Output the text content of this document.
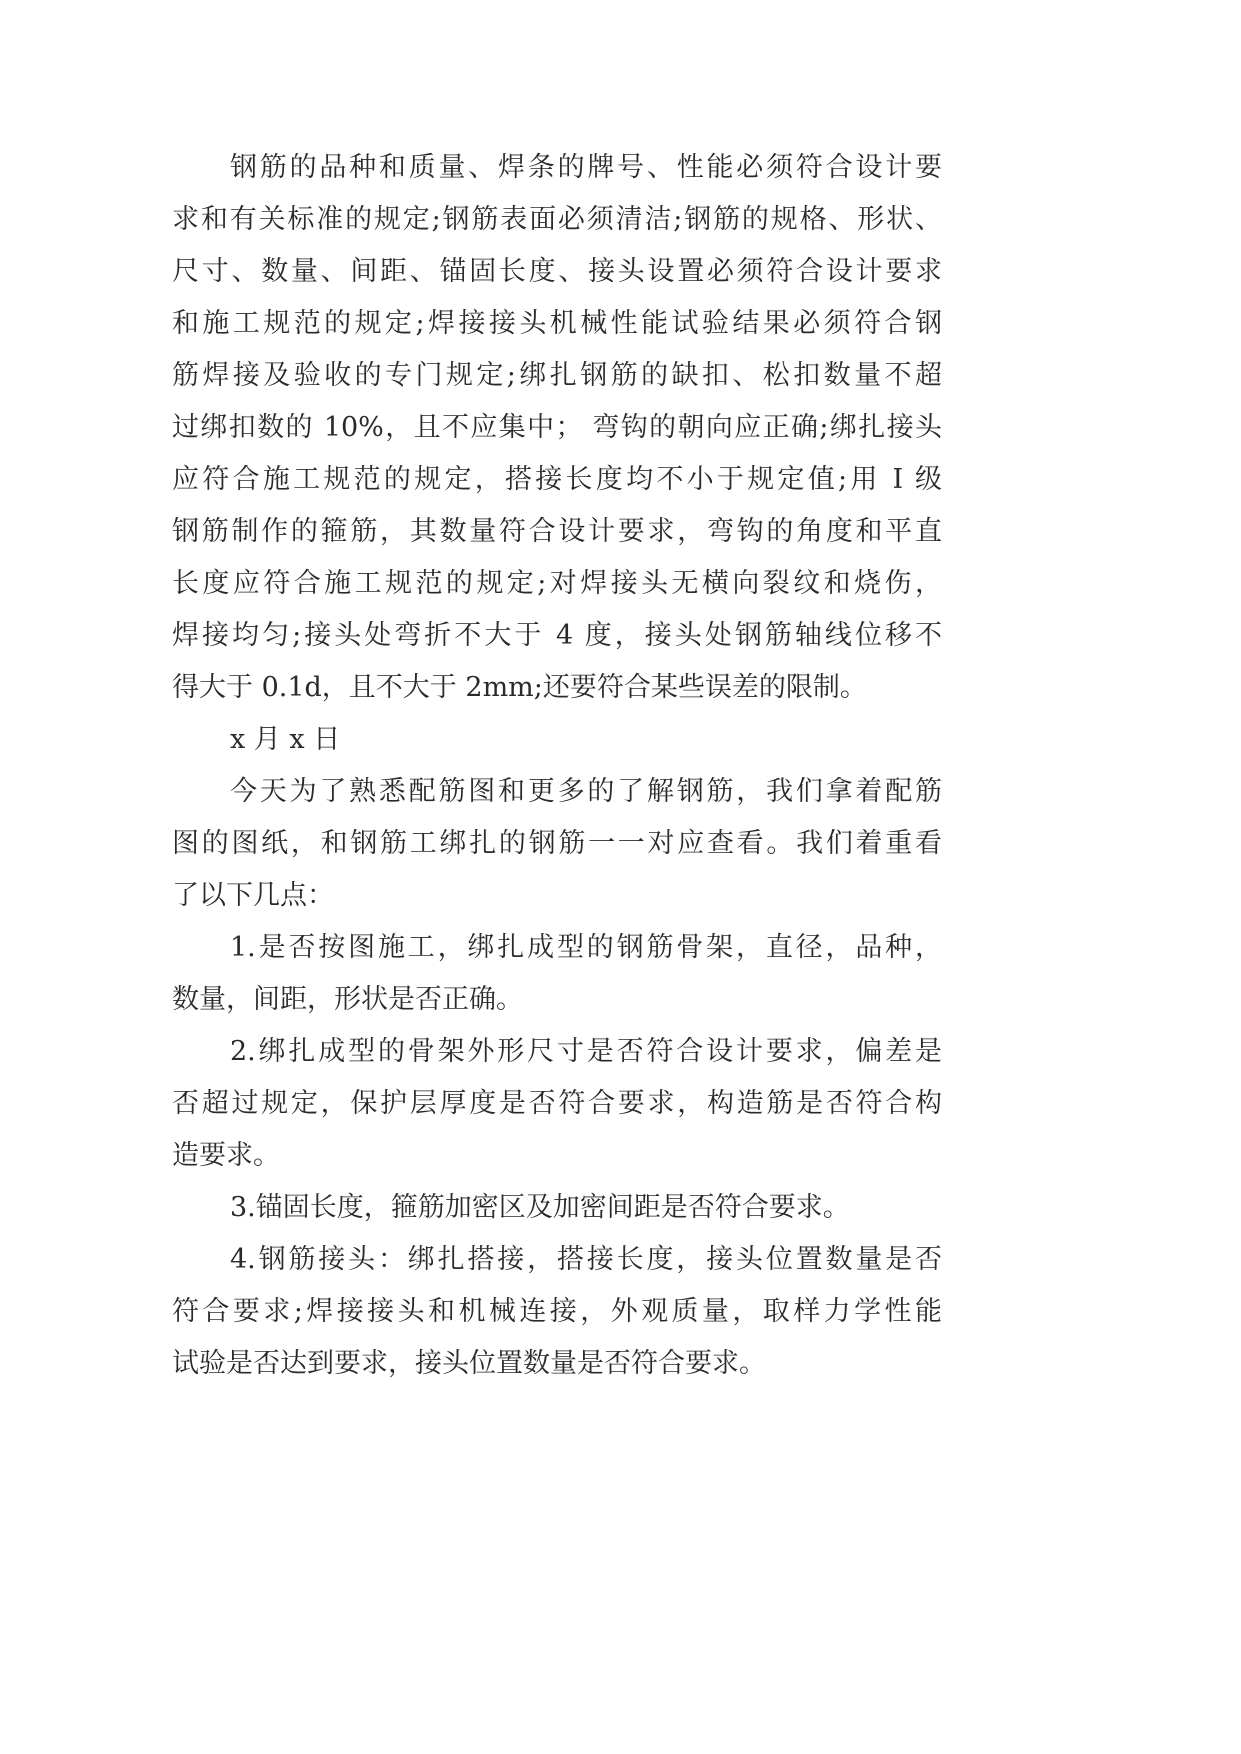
钢筋的品种和质量、焊条的牌号、性能必须符合设计要
求和有关标准的规定;钢筋表面必须清洁;钢筋的规格、形状、
尺寸、数量、间距、锚固长度、接头设置必须符合设计要求
和施工规范的规定;焊接接头机械性能试验结果必须符合钢
筋焊接及验收的专门规定;绑扎钢筋的缺扣、松扣数量不超
过绑扣数的 10%，且不应集中； 弯钩的朝向应正确;绑扎接头
应符合施工规范的规定，搭接长度均不小于规定值;用 I 级
钢筋制作的箍筋，其数量符合设计要求，弯钩的角度和平直
长度应符合施工规范的规定;对焊接头无横向裂纹和烧伤，
焊接均匀;接头处弯折不大于 4 度，接头处钢筋轴线位移不
得大于 0.1d，且不大于 2mm;还要符合某些误差的限制。
x 月 x 日
今天为了熟悉配筋图和更多的了解钢筋，我们拿着配筋
图的图纸，和钢筋工绑扎的钢筋一一对应查看。我们着重看
了以下几点：
1.是否按图施工，绑扎成型的钢筋骨架，直径，品种，
数量，间距，形状是否正确。
2.绑扎成型的骨架外形尺寸是否符合设计要求，偏差是
否超过规定，保护层厚度是否符合要求，构造筋是否符合构
造要求。
3.锚固长度，箍筋加密区及加密间距是否符合要求。
4.钢筋接头：绑扎搭接，搭接长度，接头位置数量是否
符合要求;焊接接头和机械连接，外观质量，取样力学性能
试验是否达到要求，接头位置数量是否符合要求。
